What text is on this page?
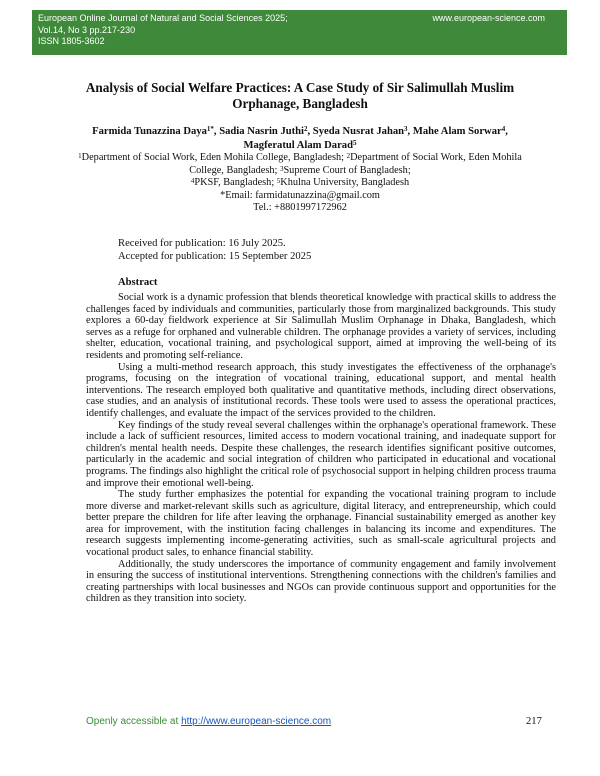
European Online Journal of Natural and Social Sciences 2025;
Vol.14, No 3 pp.217-230
ISSN 1805-3602
www.european-science.com
Analysis of Social Welfare Practices: A Case Study of Sir Salimullah Muslim
Orphanage, Bangladesh
Farmida Tunazzina Daya$^{1*}$, Sadia Nasrin Juthi$^2$, Syeda Nusrat Jahan$^3$, Mahe Alam Sorwar$^4$,
Magferatul Alam Darad$^5$
$^1$Department of Social Work, Eden Mohila College, Bangladesh; $^2$Department of Social Work, Eden Mohila College, Bangladesh; $^3$Supreme Court of Bangladesh;
$^4$PKSF, Bangladesh; $^5$Khulna University, Bangladesh
*Email: farmidatunazzina@gmail.com
Tel.: +8801997172962
Received for publication: 16 July 2025.
Accepted for publication: 15 September 2025
Abstract

Social work is a dynamic profession that blends theoretical knowledge with practical skills to address the challenges faced by individuals and communities, particularly those from marginalized backgrounds. This study explores a 60-day fieldwork experience at Sir Salimullah Muslim Orphanage in Dhaka, Bangladesh, which serves as a refuge for orphaned and vulnerable children. The orphanage provides a variety of services, including shelter, education, vocational training, and psychological support, aimed at improving the well-being of its residents and promoting self-reliance.

Using a multi-method research approach, this study investigates the effectiveness of the orphanage's programs, focusing on the integration of vocational training, educational support, and mental health interventions. The research employed both qualitative and quantitative methods, including direct observations, case studies, and an analysis of institutional records. These tools were used to assess the operational practices, identify challenges, and evaluate the impact of the services provided to the children.

Key findings of the study reveal several challenges within the orphanage's operational framework. These include a lack of sufficient resources, limited access to modern vocational training, and inadequate support for children's mental health needs. Despite these challenges, the research identifies significant positive outcomes, particularly in the academic and social integration of children who participated in educational and vocational programs. The findings also highlight the critical role of psychosocial support in helping children process trauma and improve their emotional well-being.

The study further emphasizes the potential for expanding the vocational training program to include more diverse and market-relevant skills such as agriculture, digital literacy, and entrepreneurship, which could better prepare the children for life after leaving the orphanage. Financial sustainability emerged as another key area for improvement, with the institution facing challenges in balancing its income and expenditures. The research suggests implementing income-generating activities, such as small-scale agricultural projects and vocational product sales, to enhance financial stability.

Additionally, the study underscores the importance of community engagement and family involvement in ensuring the success of institutional interventions. Strengthening connections with the children's families and creating partnerships with local businesses and NGOs can provide continuous support and opportunities for the children as they transition into society.

Openly accessible at http://www.european-science.com	217
